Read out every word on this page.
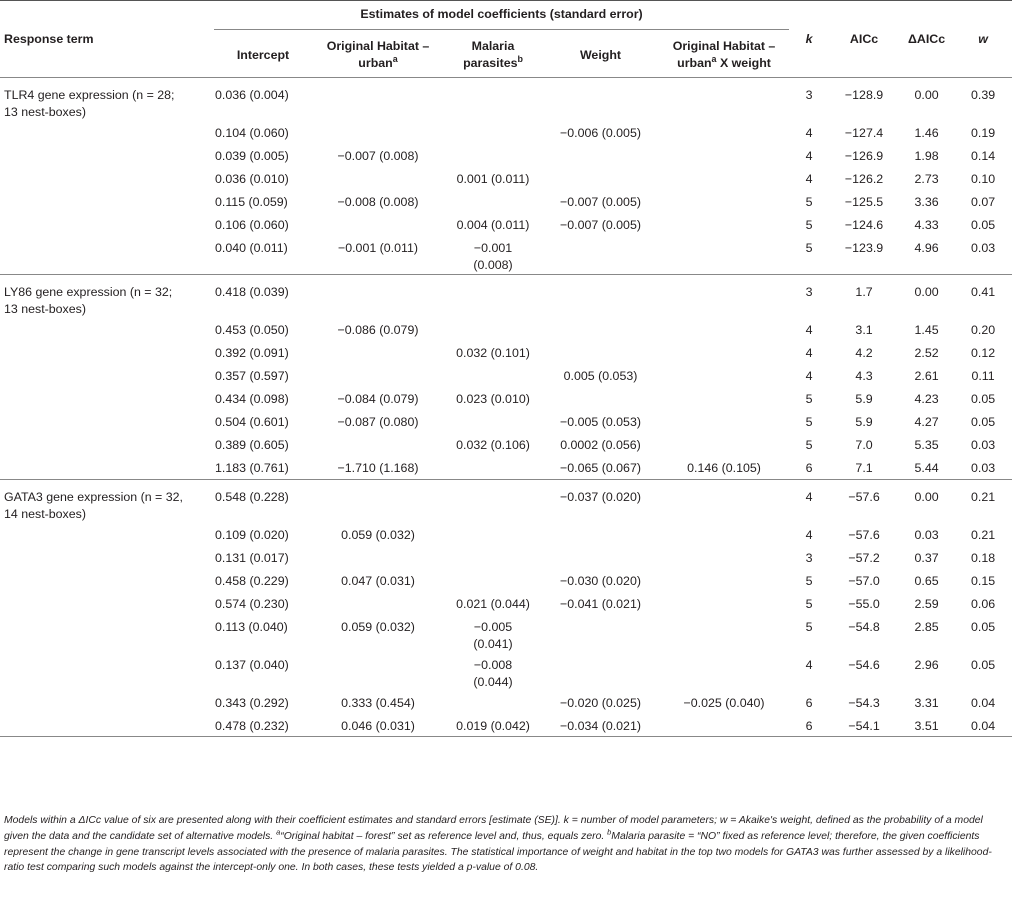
Response term	Estimates of model coefficients (standard error)					k	AICc	ΔAICc	w
	Intercept	Original Habitat – urban$^a$	Malaria parasites$^b$	Weight	Original Habitat – urban$^a$ X weight				

TLR4 gene expression (n = 28;
13 nest-boxes)	0.036 (0.004)					3	−128.9	0.00	0.39

	0.104 (0.060)			−0.006 (0.005)		4	−127.4	1.46	0.19

	0.039 (0.005)	−0.007 (0.008)				4	−126.9	1.98	0.14

	0.036 (0.010)		0.001 (0.011)			4	−126.2	2.73	0.10

	0.115 (0.059)	−0.008 (0.008)		−0.007 (0.005)		5	−125.5	3.36	0.07

	0.106 (0.060)		0.004 (0.011)	−0.007 (0.005)		5	−124.6	4.33	0.05

	0.040 (0.011)	−0.001 (0.011)	−0.001
(0.008)			5	−123.9	4.96	0.03

LY86 gene expression (n = 32;
13 nest-boxes)	0.418 (0.039)					3	1.7	0.00	0.41

	0.453 (0.050)	−0.086 (0.079)				4	3.1	1.45	0.20

	0.392 (0.091)		0.032 (0.101)			4	4.2	2.52	0.12

	0.357 (0.597)			0.005 (0.053)		4	4.3	2.61	0.11

	0.434 (0.098)	−0.084 (0.079)	0.023 (0.010)			5	5.9	4.23	0.05

	0.504 (0.601)	−0.087 (0.080)		−0.005 (0.053)		5	5.9	4.27	0.05

	0.389 (0.605)		0.032 (0.106)	0.0002 (0.056)		5	7.0	5.35	0.03

	1.183 (0.761)	−1.710 (1.168)		−0.065 (0.067)	0.146 (0.105)	6	7.1	5.44	0.03

GATA3 gene expression (n = 32,
14 nest-boxes)	0.548 (0.228)			−0.037 (0.020)		4	−57.6	0.00	0.21

	0.109 (0.020)	0.059 (0.032)				4	−57.6	0.03	0.21

	0.131 (0.017)					3	−57.2	0.37	0.18

	0.458 (0.229)	0.047 (0.031)		−0.030 (0.020)		5	−57.0	0.65	0.15

	0.574 (0.230)		0.021 (0.044)	−0.041 (0.021)		5	−55.0	2.59	0.06

	0.113 (0.040)	0.059 (0.032)	−0.005
(0.041)			5	−54.8	2.85	0.05

	0.137 (0.040)		−0.008
(0.044)			4	−54.6	2.96	0.05

	0.343 (0.292)	0.333 (0.454)		−0.020 (0.025)	−0.025 (0.040)	6	−54.3	3.31	0.04

	0.478 (0.232)	0.046 (0.031)	0.019 (0.042)	−0.034 (0.021)		6	−54.1	3.51	0.04
Models within a ΔICc value of six are presented along with their coefficient estimates and standard errors [estimate (SE)]. k = number of model parameters; w = Akaike's weight, defined as the probability of a model given the data and the candidate set of alternative models. $^a$“Original habitat – forest” set as reference level and, thus, equals zero. $^b$Malaria parasite = “NO” fixed as reference level; therefore, the given coefficients represent the change in gene transcript levels associated with the presence of malaria parasites. The statistical importance of weight and habitat in the top two models for GATA3 was further assessed by a likelihood-ratio test comparing such models against the intercept-only one. In both cases, these tests yielded a p-value of 0.08.
